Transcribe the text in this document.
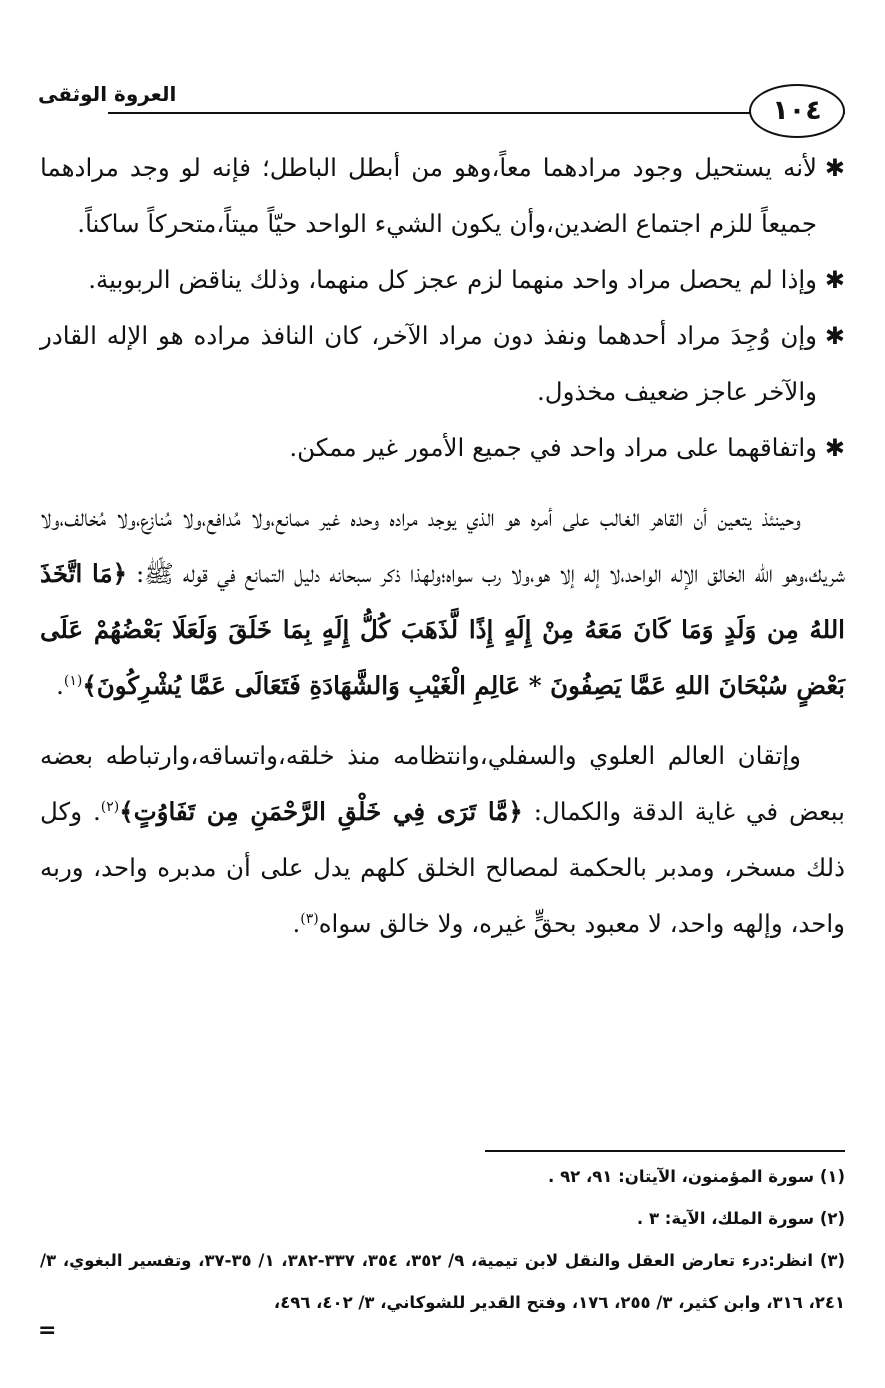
العروة الوثقى
١٠٤
✱
لأنه يستحيل وجود مرادهما معاً،وهو من أبطل الباطل؛ فإنه لو وجد مرادهما جميعاً للزم اجتماع الضدين،وأن يكون الشيء الواحد حيّاً ميتاً،متحركاً ساكناً.
✱
وإذا لم يحصل مراد واحد منهما لزم عجز كل منهما، وذلك يناقض الربوبية.
✱
وإن وُجِدَ مراد أحدهما ونفذ دون مراد الآخر، كان النافذ مراده هو الإله القادر والآخر عاجز ضعيف مخذول.
✱
واتفاقهما على مراد واحد في جميع الأمور غير ممكن.
وحينئذ يتعين أن القاهر الغالب على أمره هو الذي يوجد مراده وحده غير ممانع،ولا مُدافع،ولا مُنازع،ولا مُخالف،ولا شريك،وهو الله الخالق الإله الواحد،لا إله إلا هو،ولا رب سواه؛ولهذا ذكر سبحانه دليل التمانع في قوله ﷺ: ﴿مَا اتَّخَذَ اللهُ مِن وَلَدٍ وَمَا كَانَ مَعَهُ مِنْ إِلَهٍ إِذًا لَّذَهَبَ كُلُّ إِلَهٍ بِمَا خَلَقَ وَلَعَلَا بَعْضُهُمْ عَلَى بَعْضٍ سُبْحَانَ اللهِ عَمَّا يَصِفُونَ * عَالِمِ الْغَيْبِ وَالشَّهَادَةِ فَتَعَالَى عَمَّا يُشْرِكُونَ﴾$^{(١)}$.
وإتقان العالم العلوي والسفلي،وانتظامه منذ خلقه،واتساقه،وارتباطه بعضه ببعض في غاية الدقة والكمال: ﴿مَّا تَرَى فِي خَلْقِ الرَّحْمَنِ مِن تَفَاوُتٍ﴾$^{(٢)}$. وكل ذلك مسخر، ومدبر بالحكمة لمصالح الخلق كلهم يدل على أن مدبره واحد، وربه واحد، وإلهه واحد، لا معبود بحقٍّ غيره، ولا خالق سواه$^{(٣)}$.
(١) سورة المؤمنون، الآيتان: ٩١، ٩٢ .
(٢) سورة الملك، الآية: ٣ .
(٣) انظر:درء تعارض العقل والنقل لابن تيمية، ٩/ ٣٥٢، ٣٥٤، ٣٣٧-٣٨٢، ١/ ٣٥-٣٧، وتفسير البغوي، ٣/ ٢٤١، ٣١٦، وابن كثير، ٣/ ٢٥٥، ١٧٦، وفتح القدير للشوكاني، ٣/ ٤٠٢، ٤٩٦،
=
